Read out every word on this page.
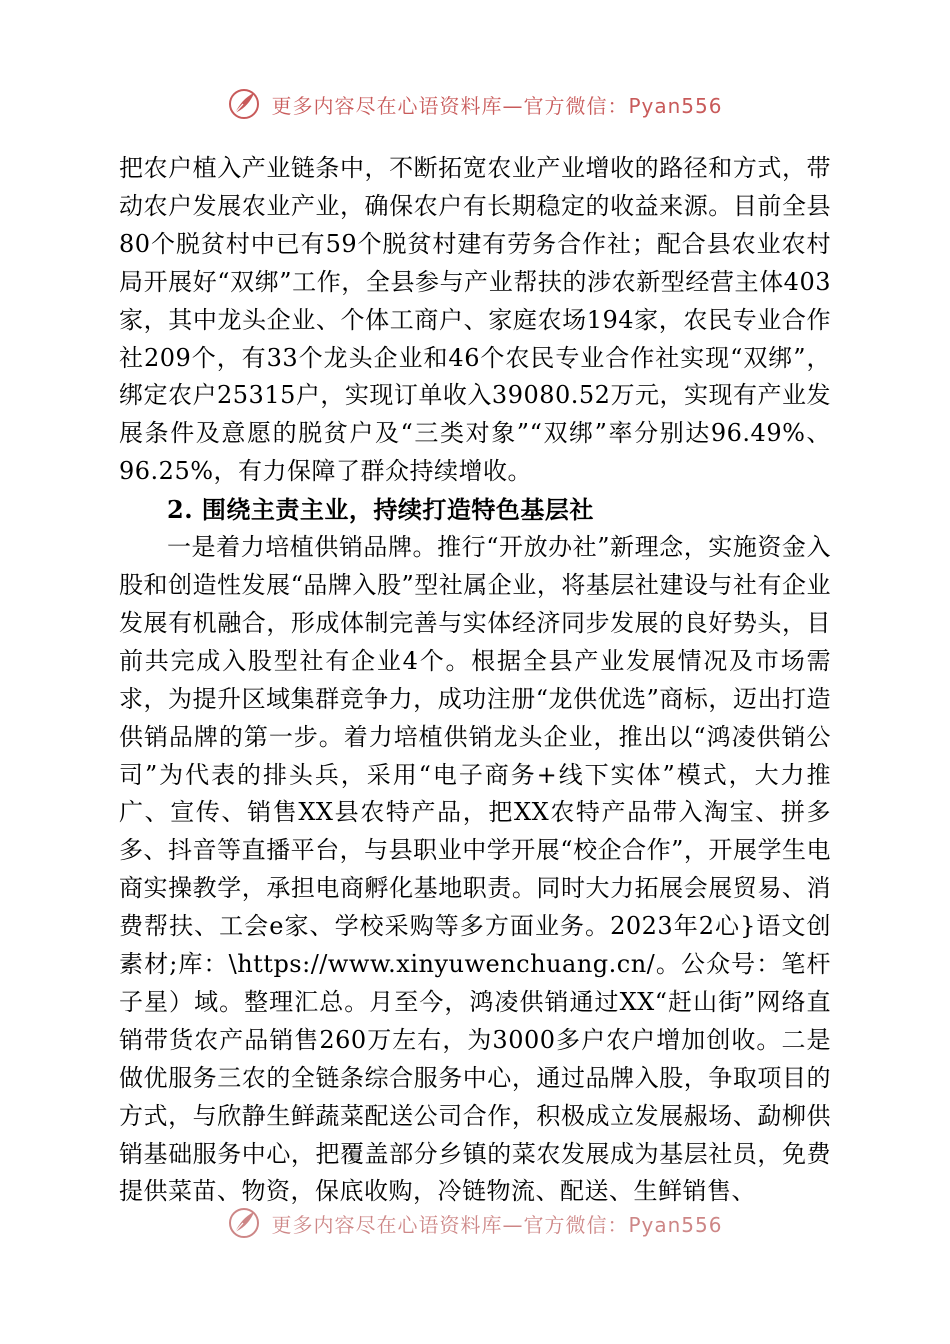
更多内容尽在心语资料库—官方微信：Pyan556

把农户植入产业链条中，不断拓宽农业产业增收的路径和方式，带动农户发展农业产业，确保农户有长期稳定的收益来源。目前全县80个脱贫村中已有59个脱贫村建有劳务合作社；配合县农业农村局开展好“双绑”工作，全县参与产业帮扶的涉农新型经营主体403家，其中龙头企业、个体工商户、家庭农场194家，农民专业合作社209个，有33个龙头企业和46个农民专业合作社实现“双绑”，绑定农户25315户，实现订单收入39080.52万元，实现有产业发展条件及意愿的脱贫户及“三类对象”“双绑”率分别达96.49%、96.25%，有力保障了群众持续增收。

2. 围绕主责主业，持续打造特色基层社

一是着力培植供销品牌。推行“开放办社”新理念，实施资金入股和创造性发展“品牌入股”型社属企业，将基层社建设与社有企业发展有机融合，形成体制完善与实体经济同步发展的良好势头，目前共完成入股型社有企业4个。根据全县产业发展情况及市场需求，为提升区域集群竞争力，成功注册“龙供优选”商标，迈出打造供销品牌的第一步。着力培植供销龙头企业，推出以“鸿凌供销公司”为代表的排头兵，采用“电子商务+线下实体”模式，大力推广、宣传、销售XX县农特产品，把XX农特产品带入淘宝、拼多多、抖音等直播平台，与县职业中学开展“校企合作”，开展学生电商实操教学，承担电商孵化基地职责。同时大力拓展会展贸易、消费帮扶、工会e家、学校采购等多方面业务。2023年2心}语文创素材;库：\https://www.xinyuwenchuang.cn/。公众号：笔杆子星）域。整理汇总。月至今，鸿凌供销通过XX“赶山街”网络直销带货农产品销售260万左右，为3000多户农户增加创收。二是做优服务三农的全链条综合服务中心，通过品牌入股，争取项目的方式，与欣静生鲜蔬菜配送公司合作，积极成立发展赧场、勐柳供销基础服务中心，把覆盖部分乡镇的菜农发展成为基层社员，免费提供菜苗、物资，保底收购，冷链物流、配送、生鲜销售、

更多内容尽在心语资料库—官方微信：Pyan556
